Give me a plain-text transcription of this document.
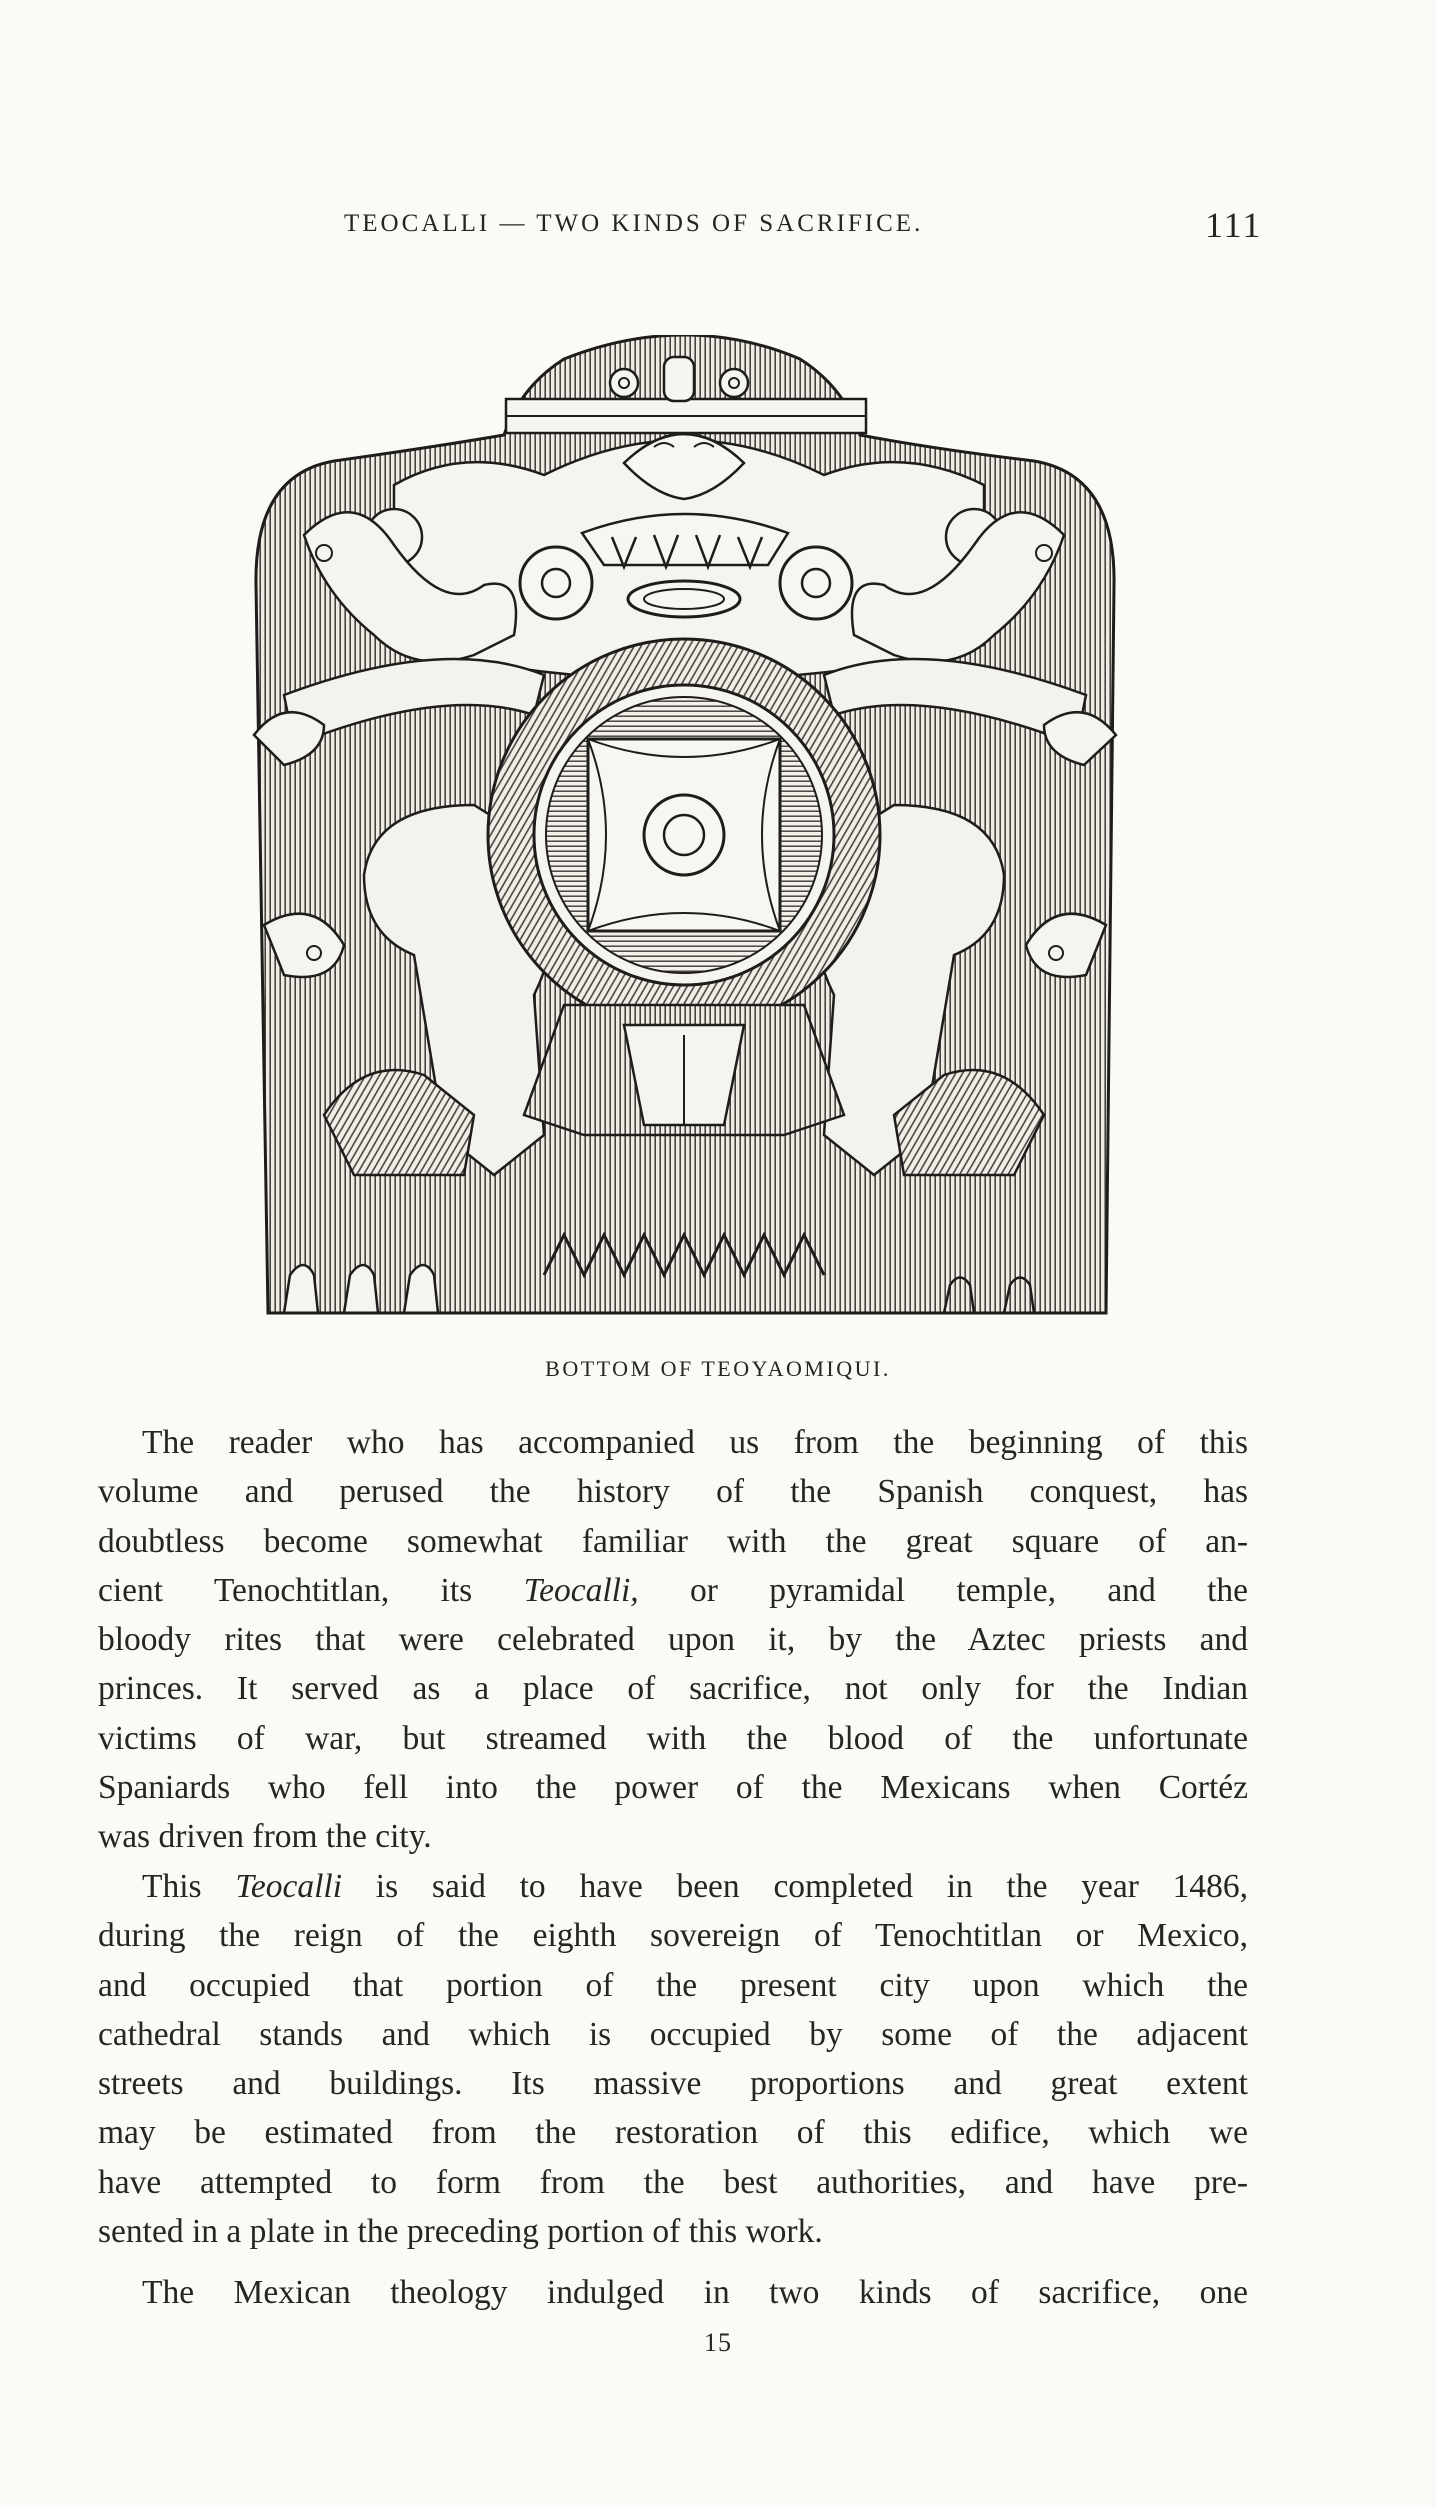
TEOCALLI — TWO KINDS OF SACRIFICE.	111
BOTTOM OF TEOYAOMIQUI.
The reader who has accompanied us from the beginning of this
volume and perused the history of the Spanish conquest, has
doubtless become somewhat familiar with the great square of an-
cient Tenochtitlan, its Teocalli, or pyramidal temple, and the
bloody rites that were celebrated upon it, by the Aztec priests and
princes. It served as a place of sacrifice, not only for the Indian
victims of war, but streamed with the blood of the unfortunate
Spaniards who fell into the power of the Mexicans when Cortéz
was driven from the city.
This Teocalli is said to have been completed in the year 1486,
during the reign of the eighth sovereign of Tenochtitlan or Mexico,
and occupied that portion of the present city upon which the
cathedral stands and which is occupied by some of the adjacent
streets and buildings. Its massive proportions and great extent
may be estimated from the restoration of this edifice, which we
have attempted to form from the best authorities, and have pre-
sented in a plate in the preceding portion of this work.
The Mexican theology indulged in two kinds of sacrifice, one
15
